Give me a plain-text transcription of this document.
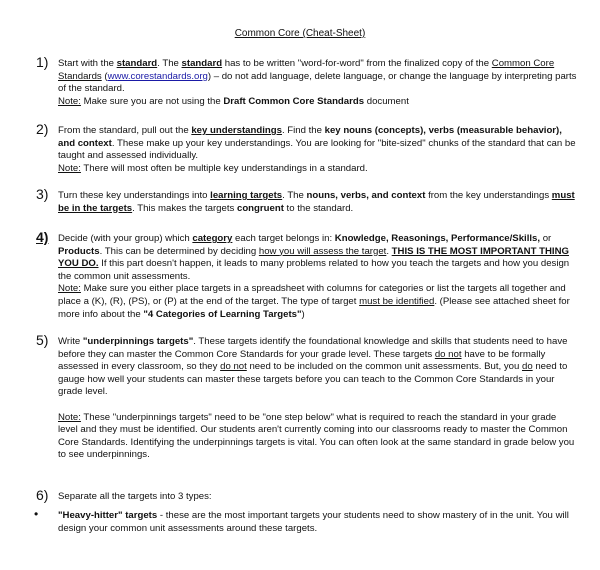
Common Core (Cheat-Sheet)
1) Start with the standard. The standard has to be written "word-for-word" from the finalized copy of the Common Core Standards (www.corestandards.org) – do not add language, delete language, or change the language by interpreting parts of the standard.
Note: Make sure you are not using the Draft Common Core Standards document
2) From the standard, pull out the key understandings. Find the key nouns (concepts), verbs (measurable behavior), and context. These make up your key understandings. You are looking for "bite-sized" chunks of the standard that can be taught and assessed individually.
Note: There will most often be multiple key understandings in a standard.
3) Turn these key understandings into learning targets. The nouns, verbs, and context from the key understandings must be in the targets. This makes the targets congruent to the standard.
4) Decide (with your group) which category each target belongs in: Knowledge, Reasonings, Performance/Skills, or Products. This can be determined by deciding how you will assess the target. THIS IS THE MOST IMPORTANT THING YOU DO. If this part doesn't happen, it leads to many problems related to how you teach the targets and how you design the common unit assessments.
Note: Make sure you either place targets in a spreadsheet with columns for categories or list the targets all together and place a (K), (R), (PS), or (P) at the end of the target. The type of target must be identified. (Please see attached sheet for more info about the "4 Categories of Learning Targets")
5) Write "underpinnings targets". These targets identify the foundational knowledge and skills that students need to have before they can master the Common Core Standards for your grade level. These targets do not have to be formally assessed in every classroom, so they do not need to be included on the common unit assessments. But, you do need to gauge how well your students can master these targets before you can teach to the Common Core Standards in your grade level.
Note: These "underpinnings targets" need to be "one step below" what is required to reach the standard in your grade level and they must be identified. Our students aren't currently coming into our classrooms ready to master the Common Core Standards. Identifying the underpinnings targets is vital. You can often look at the same standard in grade below you to see underpinnings.
6) Separate all the targets into 3 types:
• "Heavy-hitter" targets - these are the most important targets your students need to show mastery of in the unit. You will design your common unit assessments around these targets.
